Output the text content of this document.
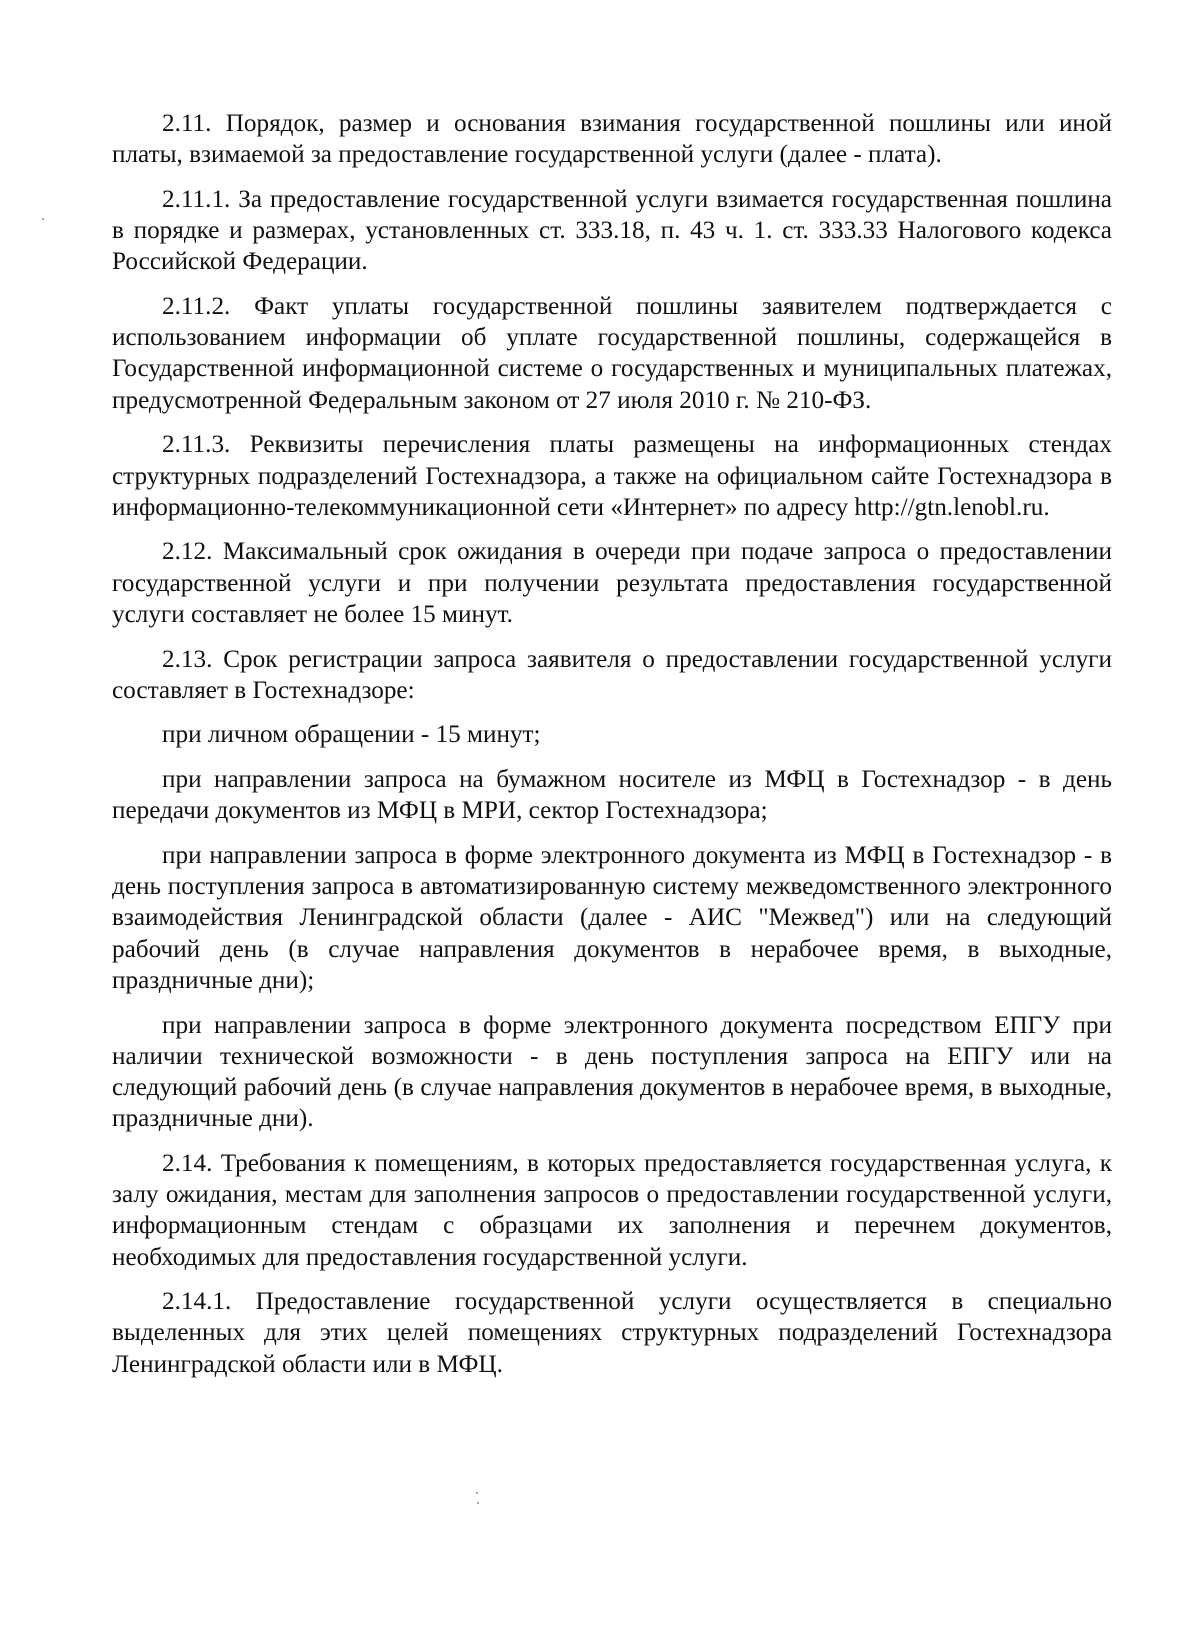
2.11. Порядок, размер и основания взимания государственной пошлины или иной платы, взимаемой за предоставление государственной услуги (далее - плата).

2.11.1. За предоставление государственной услуги взимается государственная пошлина в порядке и размерах, установленных ст. 333.18, п. 43 ч. 1. ст. 333.33 Налогового кодекса Российской Федерации.

2.11.2. Факт уплаты государственной пошлины заявителем подтверждается с использованием информации об уплате государственной пошлины, содержащейся в Государственной информационной системе о государственных и муниципальных платежах, предусмотренной Федеральным законом от 27 июля 2010 г. № 210-ФЗ.

2.11.3. Реквизиты перечисления платы размещены на информационных стендах структурных подразделений Гостехнадзора, а также на официальном сайте Гостехнадзора в информационно-телекоммуникационной сети «Интернет» по адресу http://gtn.lenobl.ru.

2.12. Максимальный срок ожидания в очереди при подаче запроса о предоставлении государственной услуги и при получении результата предоставления государственной услуги составляет не более 15 минут.

2.13. Срок регистрации запроса заявителя о предоставлении государственной услуги составляет в Гостехнадзоре:

при личном обращении - 15 минут;

при направлении запроса на бумажном носителе из МФЦ в Гостехнадзор - в день передачи документов из МФЦ в МРИ, сектор Гостехнадзора;

при направлении запроса в форме электронного документа из МФЦ в Гостехнадзор - в день поступления запроса в автоматизированную систему межведомственного электронного взаимодействия Ленинградской области (далее - АИС "Межвед") или на следующий рабочий день (в случае направления документов в нерабочее время, в выходные, праздничные дни);

при направлении запроса в форме электронного документа посредством ЕПГУ при наличии технической возможности - в день поступления запроса на ЕПГУ или на следующий рабочий день (в случае направления документов в нерабочее время, в выходные, праздничные дни).

2.14. Требования к помещениям, в которых предоставляется государственная услуга, к залу ожидания, местам для заполнения запросов о предоставлении государственной услуги, информационным стендам с образцами их заполнения и перечнем документов, необходимых для предоставления государственной услуги.

2.14.1. Предоставление государственной услуги осуществляется в специально выделенных для этих целей помещениях структурных подразделений Гостехнадзора Ленинградской области или в МФЦ.
